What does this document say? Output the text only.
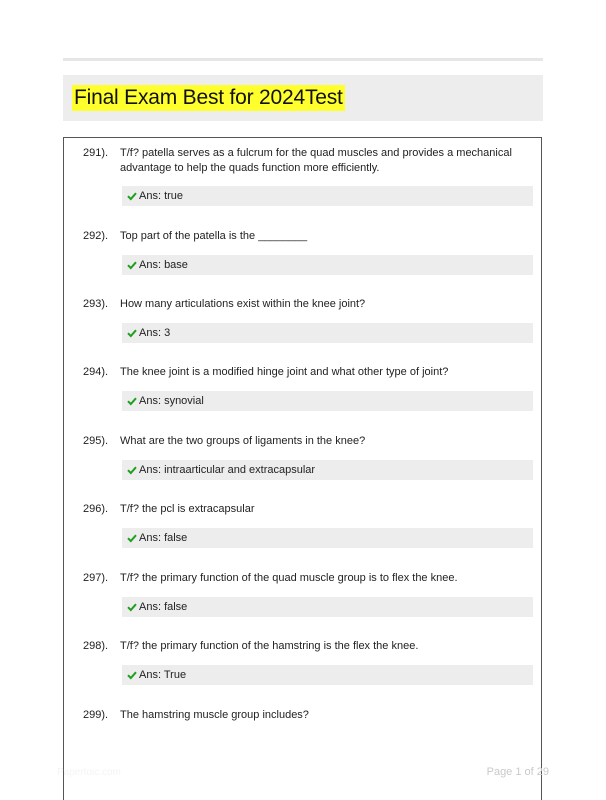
Final Exam Best for 2024Test
291). T/f? patella serves as a fulcrum for the quad muscles and provides a mechanical advantage to help the quads function more efficiently.
Ans: true
292). Top part of the patella is the ________
Ans: base
293). How many articulations exist within the knee joint?
Ans: 3
294). The knee joint is a modified hinge joint and what other type of joint?
Ans: synovial
295). What are the two groups of ligaments in the knee?
Ans: intraarticular and extracapsular
296). T/f? the pcl is extracapsular
Ans: false
297). T/f? the primary function of the quad muscle group is to flex the knee.
Ans: false
298). T/f? the primary function of the hamstring is the flex the knee.
Ans: True
299). The hamstring muscle group includes?
Papertoic.com	Page 1 of 29
